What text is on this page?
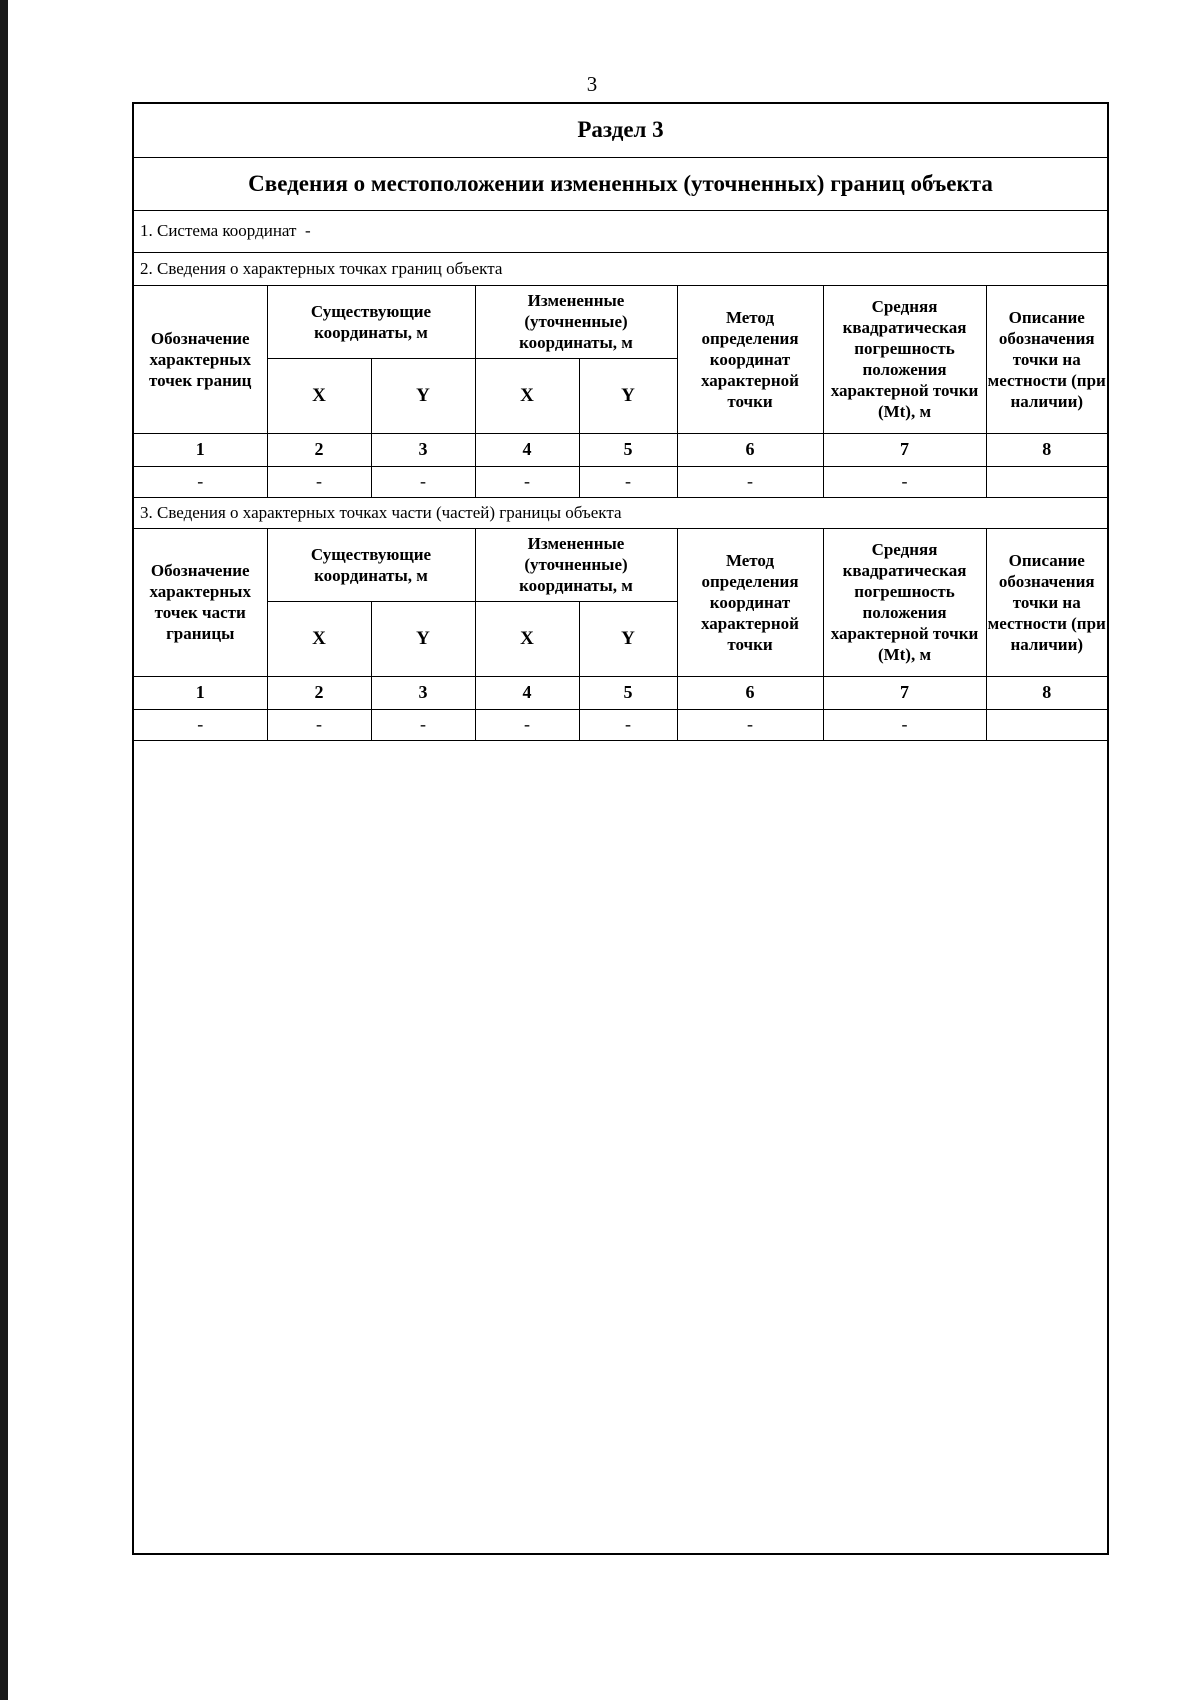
3
Раздел 3							
Сведения о местоположении измененных (уточненных) границ объекта							
1. Система координат -							
2. Сведения о характерных точках границ объекта							
Обозначение характерных точек границ	Существующие координаты, м		Измененные (уточненные) координаты, м		Метод определения координат характерной точки	Средняя квадратическая погрешность положения характерной точки (Mt), м	Описание обозначения точки на местности (при наличии)
	X	Y	X	Y			
1	2	3	4	5	6	7	8
-	-	-	-	-	-	-	
3. Сведения о характерных точках части (частей) границы объекта							
Обозначение характерных точек части границы	Существующие координаты, м		Измененные (уточненные) координаты, м		Метод определения координат характерной точки	Средняя квадратическая погрешность положения характерной точки (Mt), м	Описание обозначения точки на местности (при наличии)
	X	Y	X	Y			
1	2	3	4	5	6	7	8
-	-	-	-	-	-	-	
